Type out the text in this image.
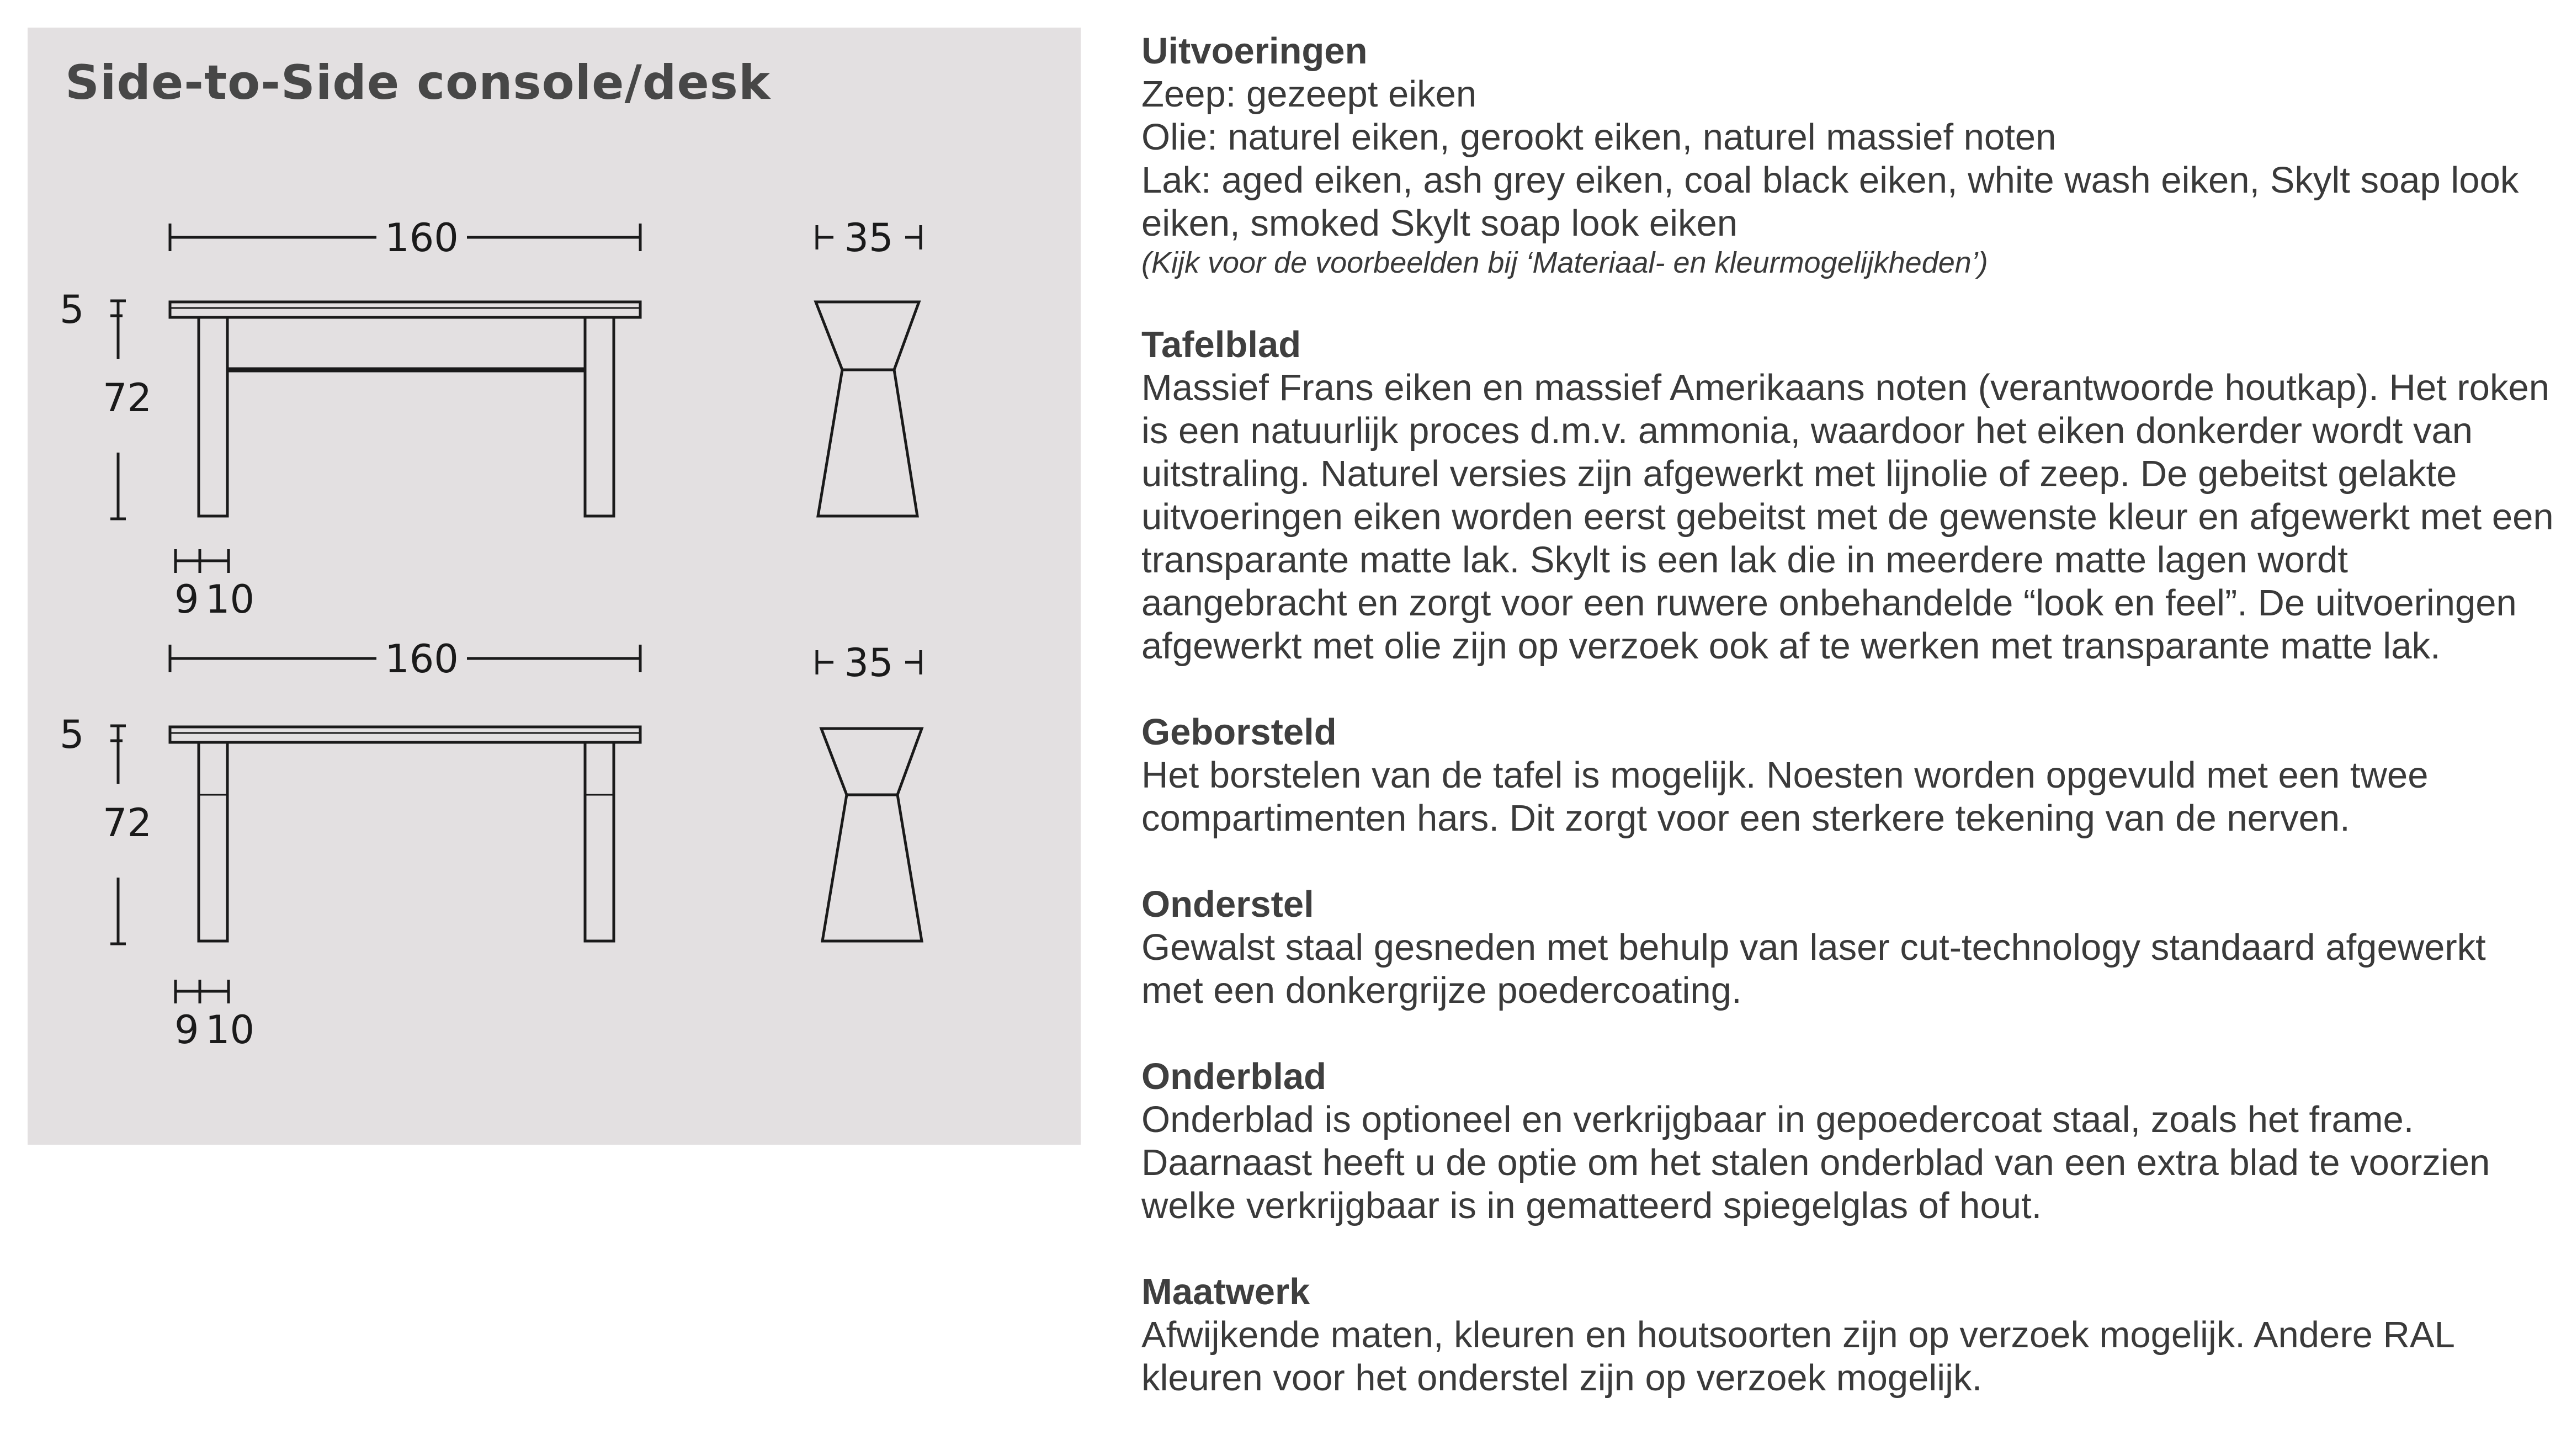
Side-to-Side console/desk
160	35
5
72
9 10
160	35
5
72
9 10
Uitvoeringen

Zeep: gezeept eiken

Olie: naturel eiken, gerookt eiken, naturel massief noten

Lak: aged eiken, ash grey eiken, coal black eiken, white wash eiken, Skylt soap look eiken, smoked Skylt soap look eiken

(Kijk voor de voorbeelden bij ‘Materiaal- en kleurmogelijkheden’)

Tafelblad

Massief Frans eiken en massief Amerikaans noten (verantwoorde houtkap). Het roken is een natuurlijk proces d.m.v. ammonia, waardoor het eiken donkerder wordt van uitstraling. Naturel versies zijn afgewerkt met lijnolie of zeep. De gebeitst gelakte uitvoeringen eiken worden eerst gebeitst met de gewenste kleur en afgewerkt met een transparante matte lak. Skylt is een lak die in meerdere matte lagen wordt aangebracht en zorgt voor een ruwere onbehandelde “look en feel”. De uitvoeringen afgewerkt met olie zijn op verzoek ook af te werken met transparante matte lak.

Geborsteld

Het borstelen van de tafel is mogelijk. Noesten worden opgevuld met een twee compartimenten hars. Dit zorgt voor een sterkere tekening van de nerven.

Onderstel

Gewalst staal gesneden met behulp van laser cut-technology standaard afgewerkt met een donkergrijze poedercoating.

Onderblad

Onderblad is optioneel en verkrijgbaar in gepoedercoat staal, zoals het frame. Daarnaast heeft u de optie om het stalen onderblad van een extra blad te voorzien welke verkrijgbaar is in gematteerd spiegelglas of hout.

Maatwerk

Afwijkende maten, kleuren en houtsoorten zijn op verzoek mogelijk. Andere RAL kleuren voor het onderstel zijn op verzoek mogelijk.
